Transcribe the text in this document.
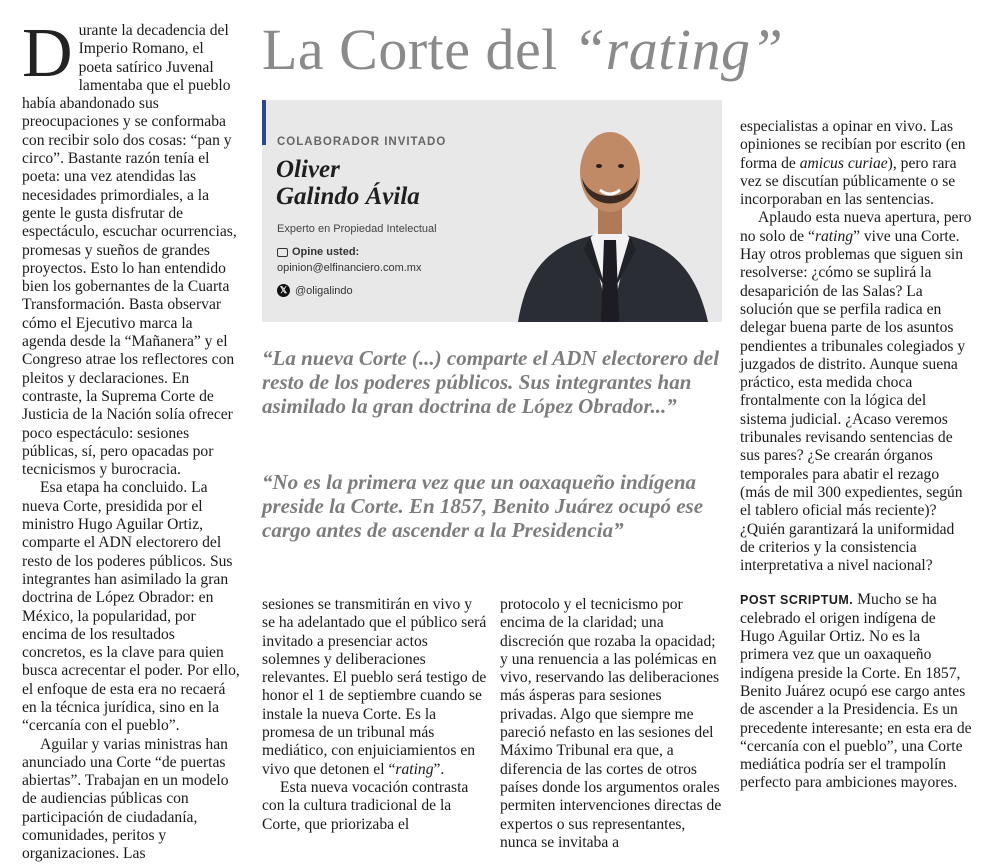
D urante la decadencia del Imperio Romano, el poeta satírico Juvenal lamentaba que el pueblo había abandonado sus preocupaciones y se conformaba con recibir solo dos cosas: “pan y circo”. Bastante razón tenía el poeta: una vez atendidas las necesidades primordiales, a la gente le gusta disfrutar de espectáculo, escuchar ocurrencias, promesas y sueños de grandes proyectos. Esto lo han entendido bien los gobernantes de la Cuarta Transformación. Basta observar cómo el Ejecutivo marca la agenda desde la “Mañanera” y el Congreso atrae los reflectores con pleitos y declaraciones. En contraste, la Suprema Corte de Justicia de la Nación solía ofrecer poco espectáculo: sesiones públicas, sí, pero opacadas por tecnicismos y burocracia.

Esa etapa ha concluido. La nueva Corte, presidida por el ministro Hugo Aguilar Ortiz, comparte el ADN electorero del resto de los poderes públicos. Sus integrantes han asimilado la gran doctrina de López Obrador: en México, la popularidad, por encima de los resultados concretos, es la clave para quien busca acrecentar el poder. Por ello, el enfoque de esta era no recaerá en la técnica jurídica, sino en la “cercanía con el pueblo”.

Aguilar y varias ministras han anunciado una Corte “de puertas abiertas”. Trabajan en un modelo de audiencias públicas con participación de ciudadanía, comunidades, peritos y organizaciones. Las

La Corte del “rating”
COLABORADOR INVITADO
Oliver
Galindo Ávila
Experto en Propiedad Intelectual
Opine usted:
opinion@elfinanciero.com.mx
𝕏 @oligalindo
“La nueva Corte (...) comparte el ADN electorero del resto de los poderes públicos. Sus integrantes han asimilado la gran doctrina de López Obrador...”
“No es la primera vez que un oaxaqueño indígena preside la Corte. En 1857, Benito Juárez ocupó ese cargo antes de ascender a la Presidencia”

sesiones se transmitirán en vivo y se ha adelantado que el público será invitado a presenciar actos solemnes y deliberaciones relevantes. El pueblo será testigo de honor el 1 de septiembre cuando se instale la nueva Corte. Es la promesa de un tribunal más mediático, con enjuiciamientos en vivo que detonen el “rating”.

Esta nueva vocación contrasta con la cultura tradicional de la Corte, que priorizaba el

protocolo y el tecnicismo por encima de la claridad; una discreción que rozaba la opacidad; y una renuencia a las polémicas en vivo, reservando las deliberaciones más ásperas para sesiones privadas. Algo que siempre me pareció nefasto en las sesiones del Máximo Tribunal era que, a diferencia de las cortes de otros países donde los argumentos orales permiten intervenciones directas de expertos o sus representantes, nunca se invitaba a

especialistas a opinar en vivo. Las opiniones se recibían por escrito (en forma de amicus curiae), pero rara vez se discutían públicamente o se incorporaban en las sentencias.

Aplaudo esta nueva apertura, pero no solo de “rating” vive una Corte. Hay otros problemas que siguen sin resolverse: ¿cómo se suplirá la desaparición de las Salas? La solución que se perfila radica en delegar buena parte de los asuntos pendientes a tribunales colegiados y juzgados de distrito. Aunque suena práctico, esta medida choca frontalmente con la lógica del sistema judicial. ¿Acaso veremos tribunales revisando sentencias de sus pares? ¿Se crearán órganos temporales para abatir el rezago (más de mil 300 expedientes, según el tablero oficial más reciente)? ¿Quién garantizará la uniformidad de criterios y la consistencia interpretativa a nivel nacional?

POST SCRIPTUM. Mucho se ha celebrado el origen indígena de Hugo Aguilar Ortiz. No es la primera vez que un oaxaqueño indígena preside la Corte. En 1857, Benito Juárez ocupó ese cargo antes de ascender a la Presidencia. Es un precedente interesante; en esta era de “cercanía con el pueblo”, una Corte mediática podría ser el trampolín perfecto para ambiciones mayores.
